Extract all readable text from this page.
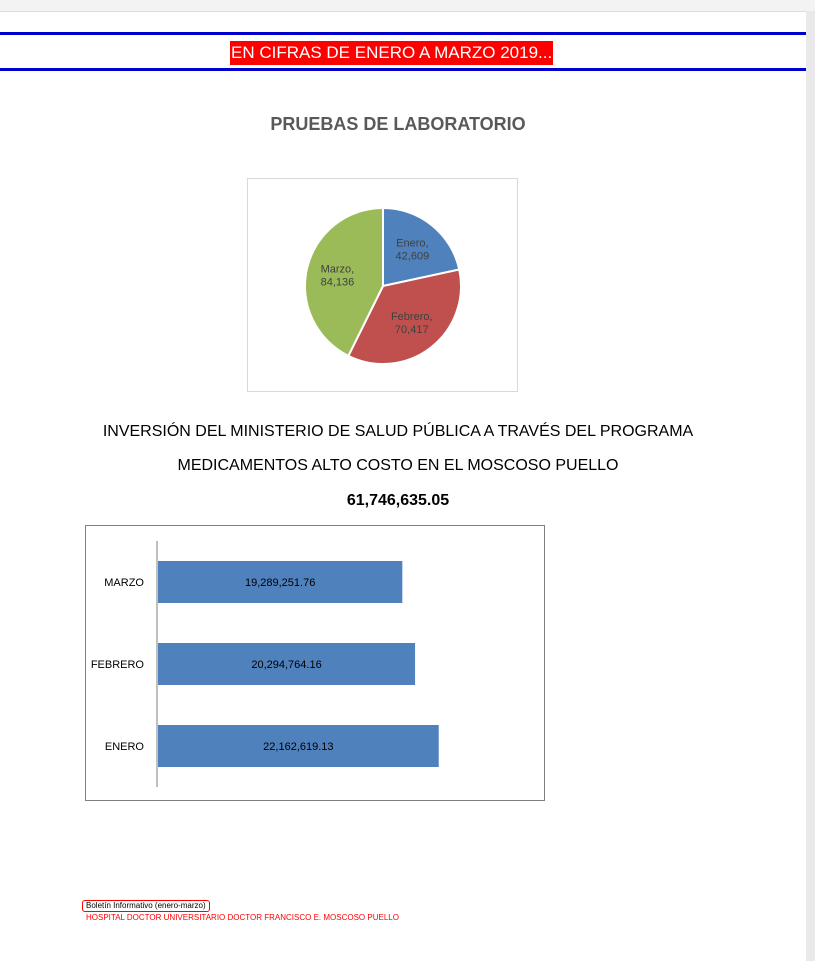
EN CIFRAS DE ENERO A MARZO 2019...
PRUEBAS DE LABORATORIO
Enero, 42,609
Febrero, 70,417
Marzo, 84,136
INVERSIÓN DEL MINISTERIO DE SALUD PÚBLICA A TRAVÉS DEL PROGRAMA
MEDICAMENTOS ALTO COSTO EN EL MOSCOSO PUELLO
61,746,635.05
MARZO	19,289,251.76
FEBRERO	20,294,764.16
ENERO	22,162,619.13
Boletín Informativo (enero-marzo)
HOSPITAL DOCTOR UNIVERSITARIO DOCTOR FRANCISCO E. MOSCOSO PUELLO
